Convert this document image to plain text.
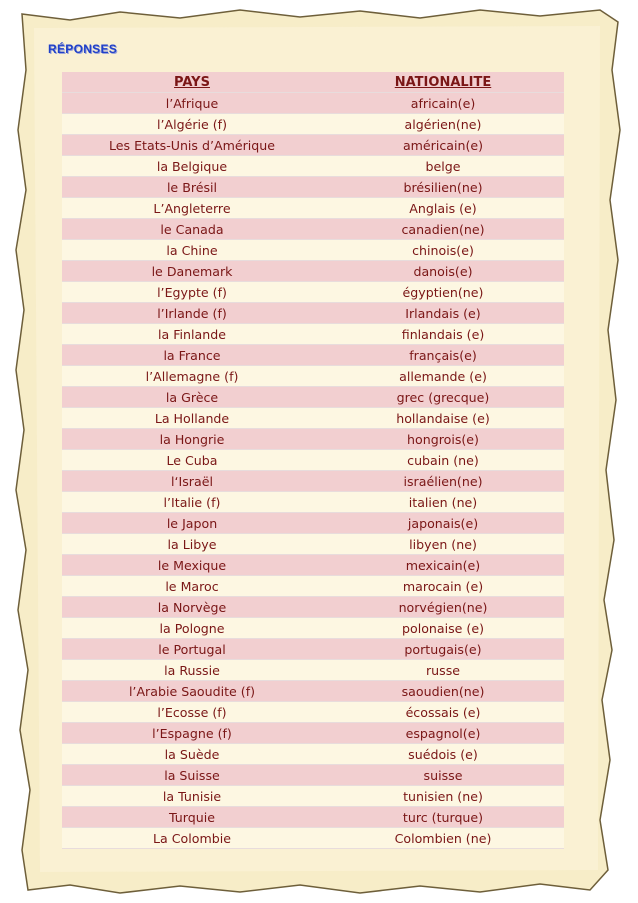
RÉPONSES
PAYS	NATIONALITE
l’Afrique	africain(e)
l’Algérie (f)	algérien(ne)
Les Etats-Unis d’Amérique	américain(e)
la Belgique	belge
le Brésil	brésilien(ne)
L’Angleterre	Anglais (e)
le Canada	canadien(ne)
la Chine	chinois(e)
le Danemark	danois(e)
l’Egypte (f)	égyptien(ne)
l’Irlande (f)	Irlandais (e)
la Finlande	finlandais (e)
la France	français(e)
l’Allemagne (f)	allemande (e)
la Grèce	grec (grecque)
La Hollande	hollandaise (e)
la Hongrie	hongrois(e)
Le Cuba	cubain (ne)
l‘Israël	israélien(ne)
l’Italie (f)	italien (ne)
le Japon	japonais(e)
la Libye	libyen (ne)
le Mexique	mexicain(e)
le Maroc	marocain (e)
la Norvège	norvégien(ne)
la Pologne	polonaise (e)
le Portugal	portugais(e)
la Russie	russe
l’Arabie Saoudite (f)	saoudien(ne)
l’Ecosse (f)	écossais (e)
l’Espagne (f)	espagnol(e)
la Suède	suédois (e)
la Suisse	suisse
la Tunisie	tunisien (ne)
Turquie	turc (turque)
La Colombie	Colombien (ne)
